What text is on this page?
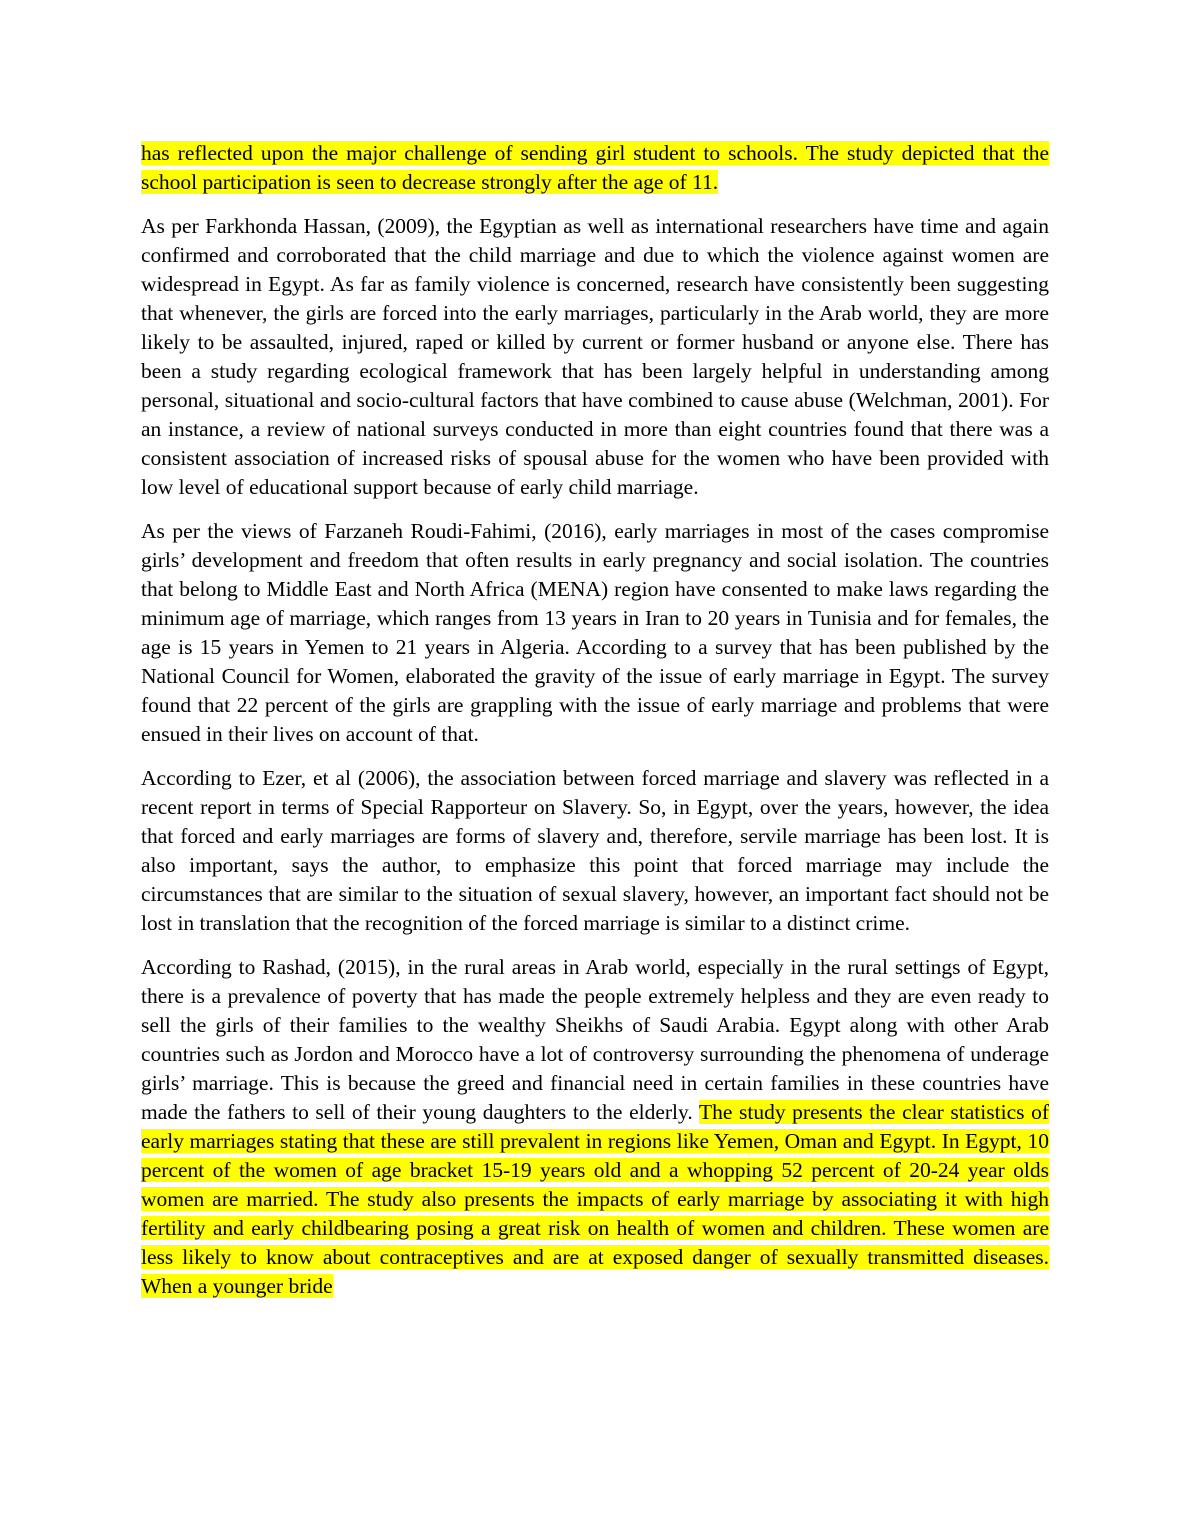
has reflected upon the major challenge of sending girl student to schools. The study depicted that the school participation is seen to decrease strongly after the age of 11.

As per Farkhonda Hassan, (2009), the Egyptian as well as international researchers have time and again confirmed and corroborated that the child marriage and due to which the violence against women are widespread in Egypt. As far as family violence is concerned, research have consistently been suggesting that whenever, the girls are forced into the early marriages, particularly in the Arab world, they are more likely to be assaulted, injured, raped or killed by current or former husband or anyone else. There has been a study regarding ecological framework that has been largely helpful in understanding among personal, situational and socio-cultural factors that have combined to cause abuse (Welchman, 2001). For an instance, a review of national surveys conducted in more than eight countries found that there was a consistent association of increased risks of spousal abuse for the women who have been provided with low level of educational support because of early child marriage.

As per the views of Farzaneh Roudi-Fahimi, (2016), early marriages in most of the cases compromise girls’ development and freedom that often results in early pregnancy and social isolation. The countries that belong to Middle East and North Africa (MENA) region have consented to make laws regarding the minimum age of marriage, which ranges from 13 years in Iran to 20 years in Tunisia and for females, the age is 15 years in Yemen to 21 years in Algeria. According to a survey that has been published by the National Council for Women, elaborated the gravity of the issue of early marriage in Egypt. The survey found that 22 percent of the girls are grappling with the issue of early marriage and problems that were ensued in their lives on account of that.

According to Ezer, et al (2006), the association between forced marriage and slavery was reflected in a recent report in terms of Special Rapporteur on Slavery. So, in Egypt, over the years, however, the idea that forced and early marriages are forms of slavery and, therefore, servile marriage has been lost. It is also important, says the author, to emphasize this point that forced marriage may include the circumstances that are similar to the situation of sexual slavery, however, an important fact should not be lost in translation that the recognition of the forced marriage is similar to a distinct crime.

According to Rashad, (2015), in the rural areas in Arab world, especially in the rural settings of Egypt, there is a prevalence of poverty that has made the people extremely helpless and they are even ready to sell the girls of their families to the wealthy Sheikhs of Saudi Arabia. Egypt along with other Arab countries such as Jordon and Morocco have a lot of controversy surrounding the phenomena of underage girls’ marriage. This is because the greed and financial need in certain families in these countries have made the fathers to sell of their young daughters to the elderly. The study presents the clear statistics of early marriages stating that these are still prevalent in regions like Yemen, Oman and Egypt. In Egypt, 10 percent of the women of age bracket 15-19 years old and a whopping 52 percent of 20-24 year olds women are married. The study also presents the impacts of early marriage by associating it with high fertility and early childbearing posing a great risk on health of women and children. These women are less likely to know about contraceptives and are at exposed danger of sexually transmitted diseases. When a younger bride
